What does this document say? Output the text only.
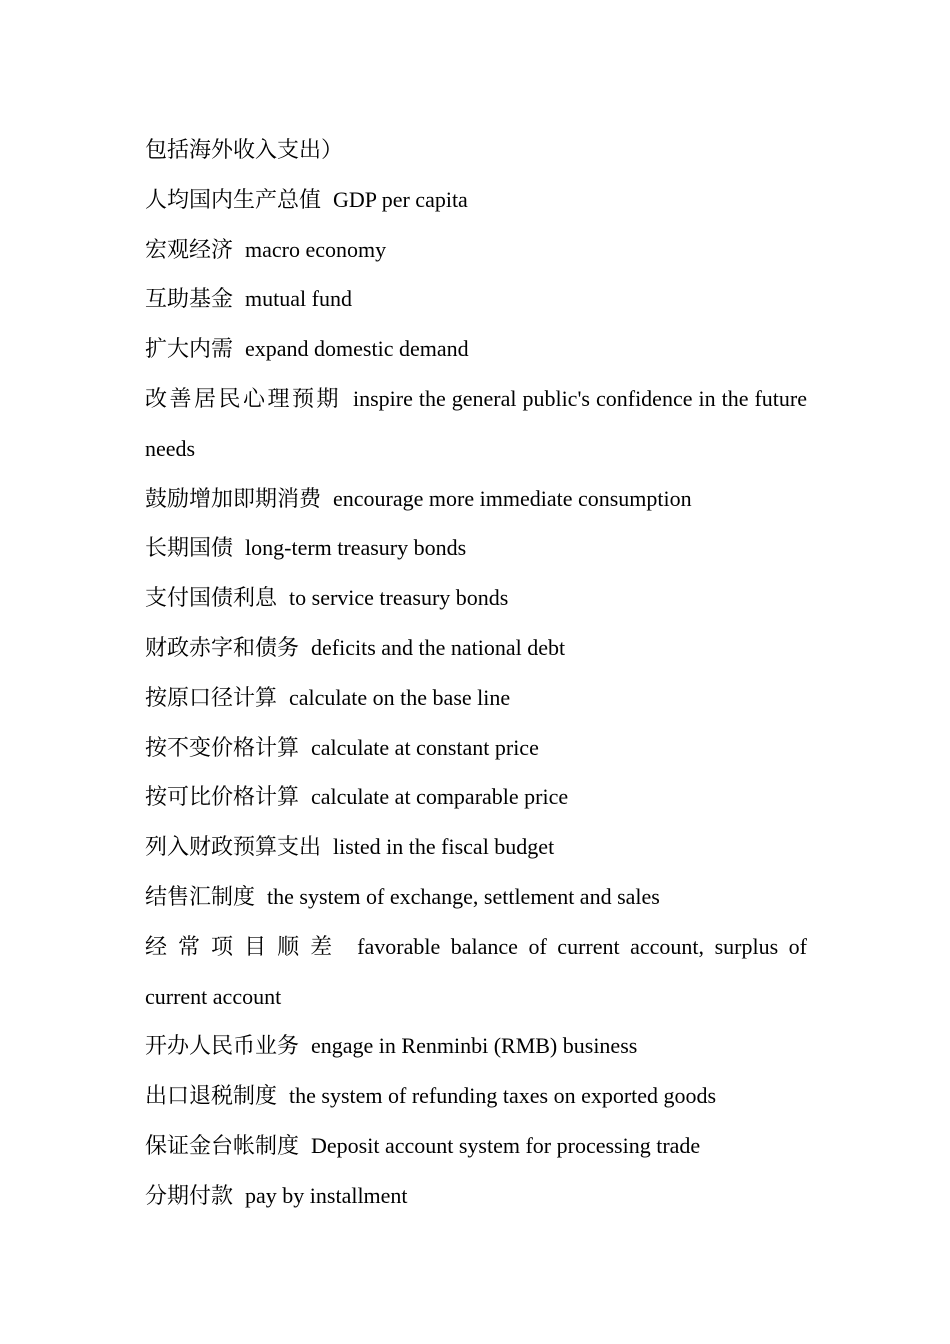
包括海外收入支出）

人均国内生产总值 GDP per capita

宏观经济 macro economy

互助基金 mutual fund

扩大内需 expand domestic demand

改善居民心理预期 inspire the general public's confidence in the future needs

鼓励增加即期消费 encourage more immediate consumption

长期国债 long-term treasury bonds

支付国债利息 to service treasury bonds

财政赤字和债务 deficits and the national debt

按原口径计算 calculate on the base line

按不变价格计算 calculate at constant price

按可比价格计算 calculate at comparable price

列入财政预算支出 listed in the fiscal budget

结售汇制度 the system of exchange, settlement and sales

经常项目顺差 favorable balance of current account, surplus of current account

开办人民币业务 engage in Renminbi (RMB) business

出口退税制度 the system of refunding taxes on exported goods

保证金台帐制度 Deposit account system for processing trade

分期付款 pay by installment
